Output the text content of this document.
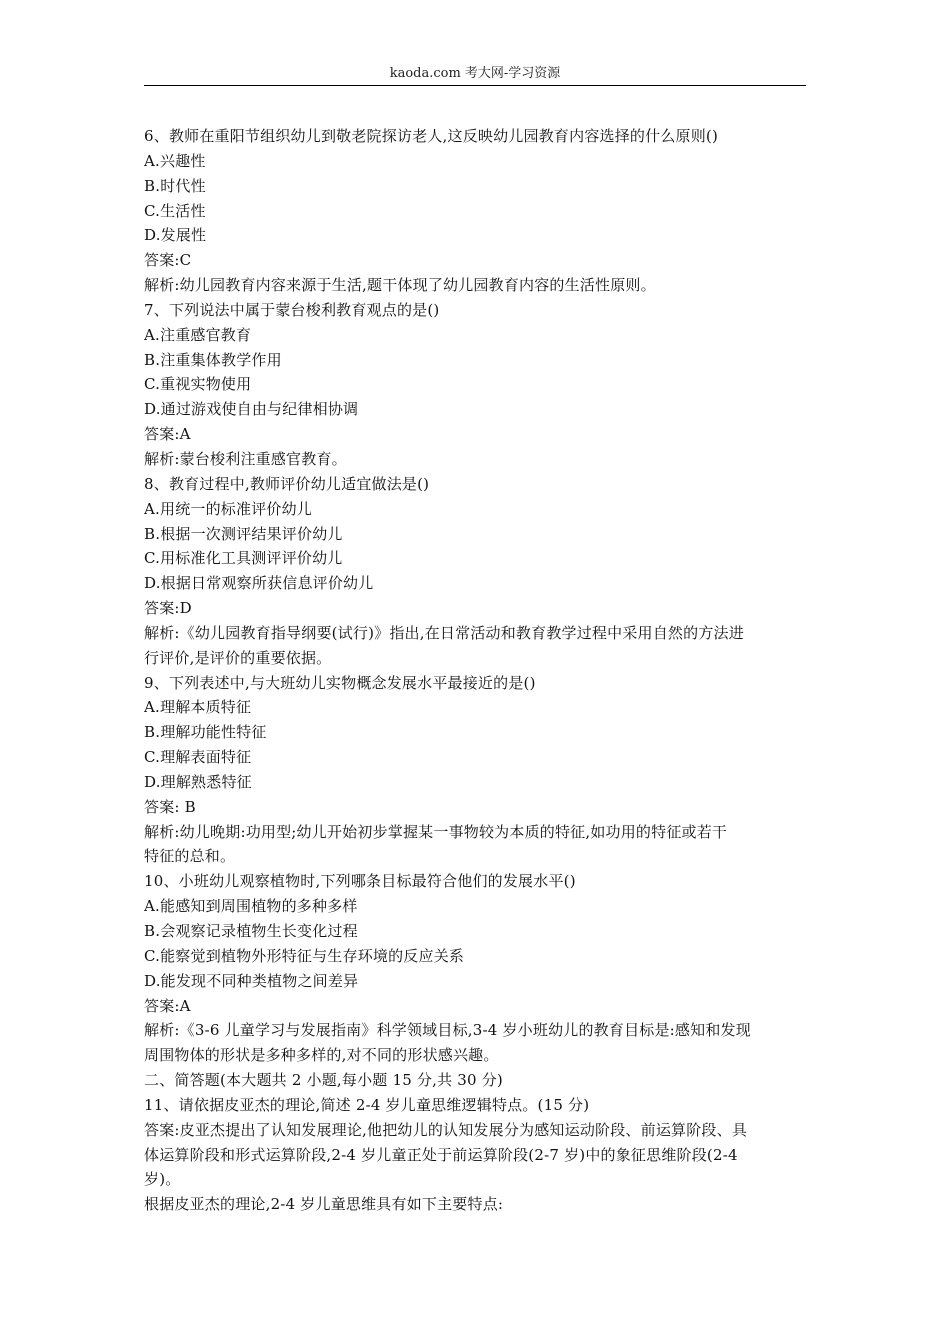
kaoda.com 考大网-学习资源
6、教师在重阳节组织幼儿到敬老院探访老人,这反映幼儿园教育内容选择的什么原则()
A.兴趣性
B.时代性
C.生活性
D.发展性
答案:C
解析:幼儿园教育内容来源于生活,题干体现了幼儿园教育内容的生活性原则。
7、下列说法中属于蒙台梭利教育观点的是()
A.注重感官教育
B.注重集体教学作用
C.重视实物使用
D.通过游戏使自由与纪律相协调
答案:A
解析:蒙台梭利注重感官教育。
8、教育过程中,教师评价幼儿适宜做法是()
A.用统一的标准评价幼儿
B.根据一次测评结果评价幼儿
C.用标准化工具测评评价幼儿
D.根据日常观察所获信息评价幼儿
答案:D
解析:《幼儿园教育指导纲要(试行)》指出,在日常活动和教育教学过程中采用自然的方法进
行评价,是评价的重要依据。
9、下列表述中,与大班幼儿实物概念发展水平最接近的是()
A.理解本质特征
B.理解功能性特征
C.理解表面特征
D.理解熟悉特征
答案: B
解析:幼儿晚期:功用型;幼儿开始初步掌握某一事物较为本质的特征,如功用的特征或若干
特征的总和。
10、小班幼儿观察植物时,下列哪条目标最符合他们的发展水平()
A.能感知到周围植物的多种多样
B.会观察记录植物生长变化过程
C.能察觉到植物外形特征与生存环境的反应关系
D.能发现不同种类植物之间差异
答案:A
解析:《3-6 儿童学习与发展指南》科学领域目标,3-4 岁小班幼儿的教育目标是:感知和发现
周围物体的形状是多种多样的,对不同的形状感兴趣。
二、简答题(本大题共 2 小题,每小题 15 分,共 30 分)
11、请依据皮亚杰的理论,简述 2-4 岁儿童思维逻辑特点。(15 分)
答案:皮亚杰提出了认知发展理论,他把幼儿的认知发展分为感知运动阶段、前运算阶段、具
体运算阶段和形式运算阶段,2-4 岁儿童正处于前运算阶段(2-7 岁)中的象征思维阶段(2-4
岁)。
根据皮亚杰的理论,2-4 岁儿童思维具有如下主要特点:
